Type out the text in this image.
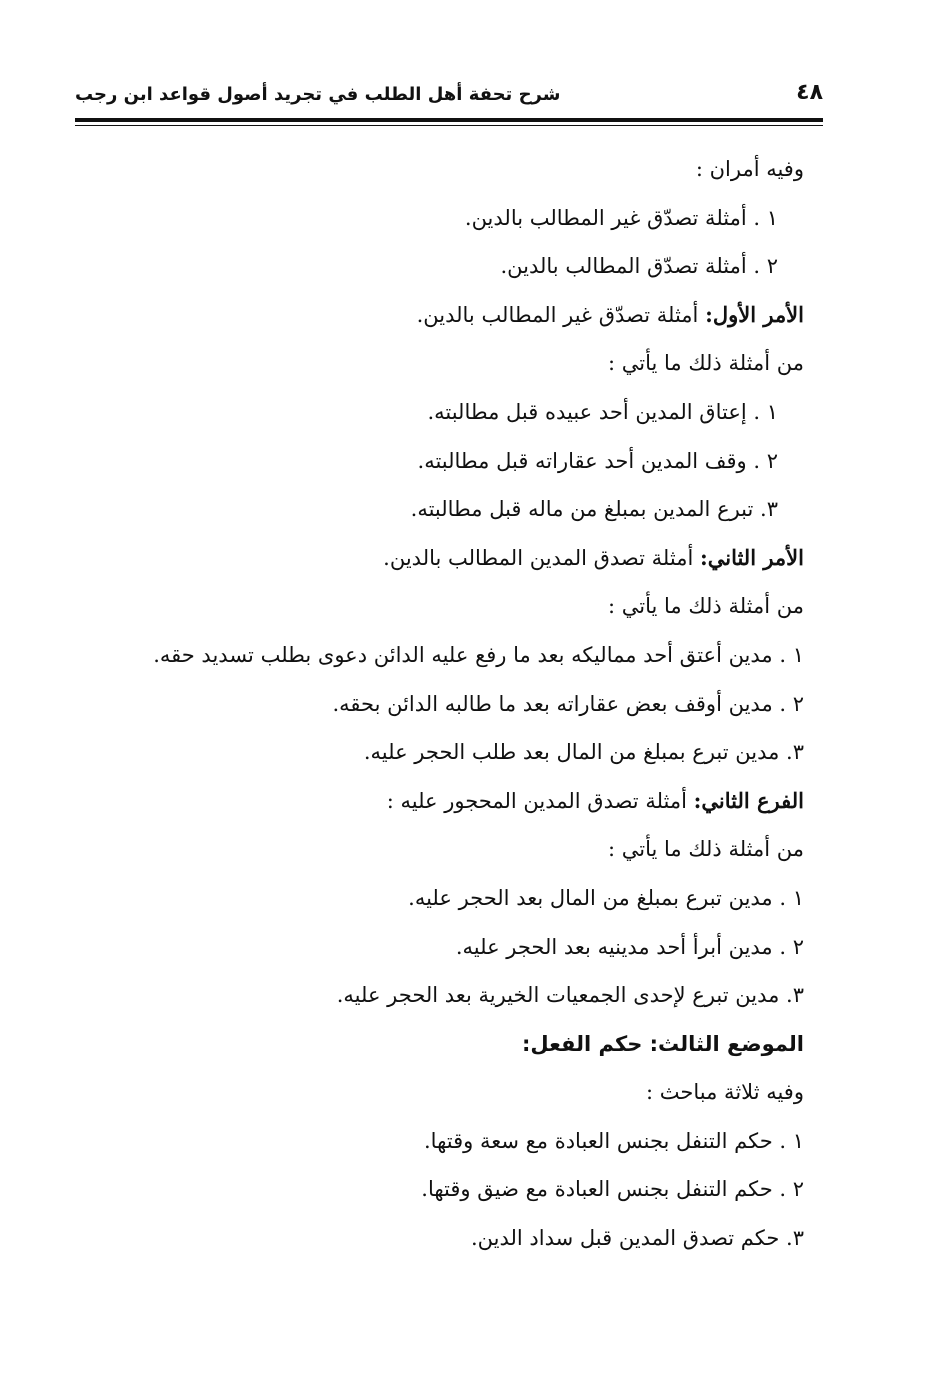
٤٨
شرح تحفة أهل الطلب في تجريد أصول قواعد ابن رجب
وفيه أمران :
١ . أمثلة تصدّق غير المطالب بالدين.
٢ . أمثلة تصدّق المطالب بالدين.
الأمر الأول: أمثلة تصدّق غير المطالب بالدين.
من أمثلة ذلك ما يأتي :
١ . إعتاق المدين أحد عبيده قبل مطالبته.
٢ . وقف المدين أحد عقاراته قبل مطالبته.
٣. تبرع المدين بمبلغ من ماله قبل مطالبته.
الأمر الثاني: أمثلة تصدق المدين المطالب بالدين.
من أمثلة ذلك ما يأتي :
١ . مدين أعتق أحد مماليكه بعد ما رفع عليه الدائن دعوى بطلب تسديد حقه.
٢ . مدين أوقف بعض عقاراته بعد ما طالبه الدائن بحقه.
٣. مدين تبرع بمبلغ من المال بعد طلب الحجر عليه.
الفرع الثاني: أمثلة تصدق المدين المحجور عليه :
من أمثلة ذلك ما يأتي :
١ . مدين تبرع بمبلغ من المال بعد الحجر عليه.
٢ . مدين أبرأ أحد مدينيه بعد الحجر عليه.
٣. مدين تبرع لإحدى الجمعيات الخيرية بعد الحجر عليه.
الموضع الثالث: حكم الفعل:
وفيه ثلاثة مباحث :
١ . حكم التنفل بجنس العبادة مع سعة وقتها.
٢ . حكم التنفل بجنس العبادة مع ضيق وقتها.
٣. حكم تصدق المدين قبل سداد الدين.
